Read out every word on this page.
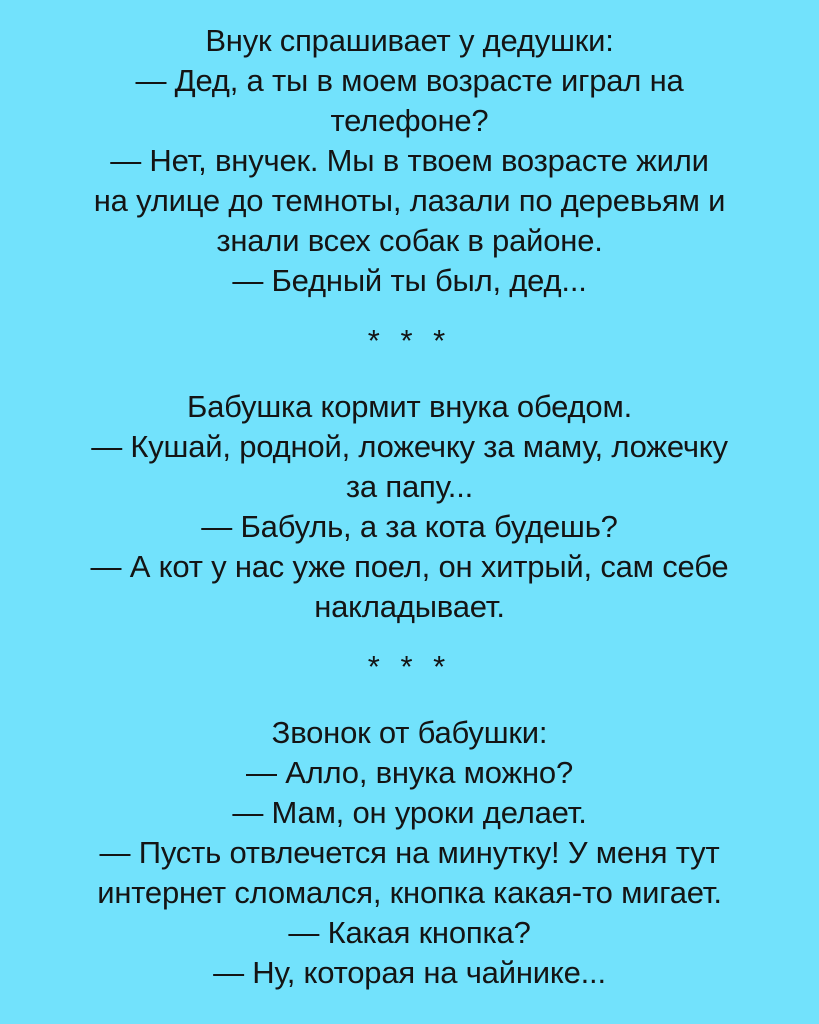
Внук спрашивает у дедушки:
— Дед, а ты в моем возрасте играл на
телефоне?
— Нет, внучек. Мы в твоем возрасте жили
на улице до темноты, лазали по деревьям и
знали всех собак в районе.
— Бедный ты был, дед...
* * *
Бабушка кормит внука обедом.
— Кушай, родной, ложечку за маму, ложечку
за папу...
— Бабуль, а за кота будешь?
— А кот у нас уже поел, он хитрый, сам себе
накладывает.
* * *
Звонок от бабушки:
— Алло, внука можно?
— Мам, он уроки делает.
— Пусть отвлечется на минутку! У меня тут
интернет сломался, кнопка какая-то мигает.
— Какая кнопка?
— Ну, которая на чайнике...
